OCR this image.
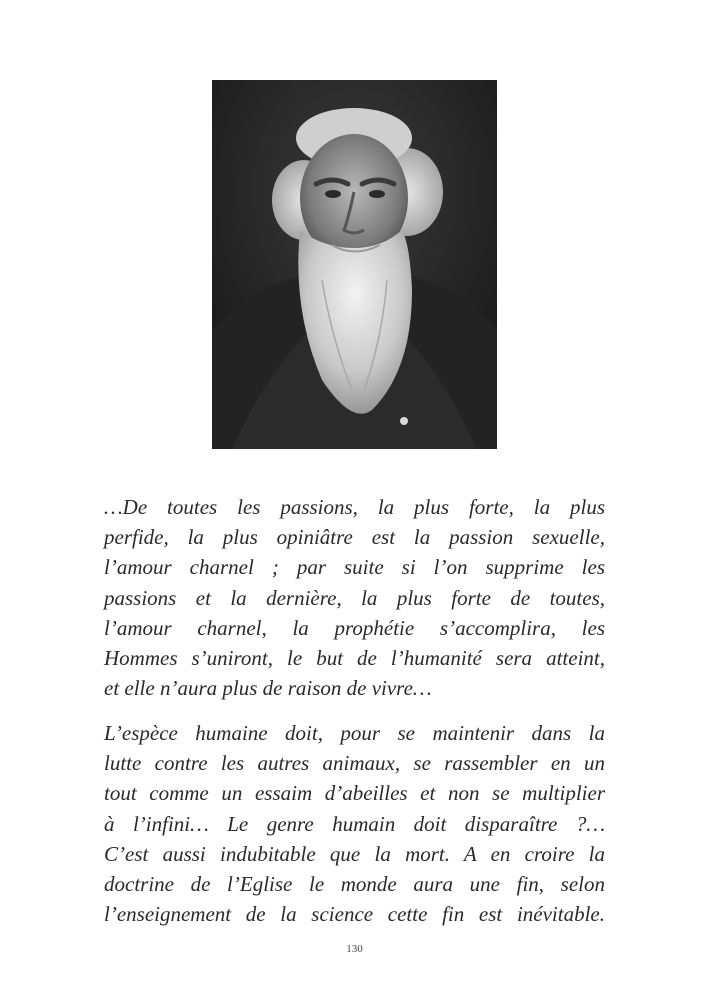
…De toutes les passions, la plus forte, la plus
perfide, la plus opiniâtre est la passion sexuelle,
l’amour charnel ; par suite si l’on supprime les
passions et la dernière, la plus forte de toutes,
l’amour charnel, la prophétie s’accomplira, les
Hommes s’uniront, le but de l’humanité sera atteint,
et elle n’aura plus de raison de vivre…
L’espèce humaine doit, pour se maintenir dans la
lutte contre les autres animaux, se rassembler en un
tout comme un essaim d’abeilles et non se multiplier
à l’infini… Le genre humain doit disparaître ?…
C’est aussi indubitable que la mort. A en croire la
doctrine de l’Eglise le monde aura une fin, selon
l’enseignement de la science cette fin est inévitable.
130
